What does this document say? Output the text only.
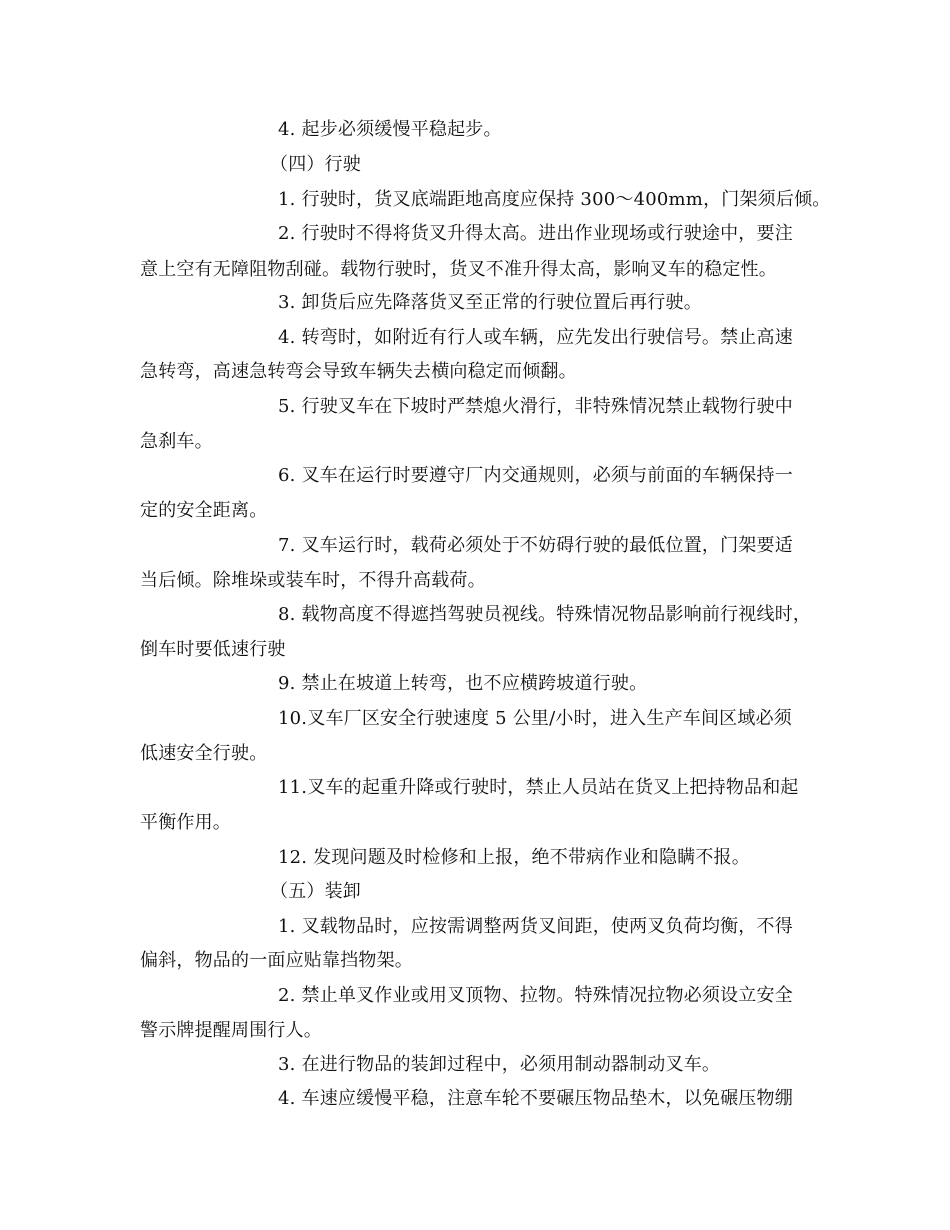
4. 起步必须缓慢平稳起步。
（四）行驶
1. 行驶时，货叉底端距地高度应保持 300～400mm，门架须后倾。
2. 行驶时不得将货叉升得太高。进出作业现场或行驶途中，要注
意上空有无障阻物刮碰。载物行驶时，货叉不准升得太高，影响叉车的稳定性。
3. 卸货后应先降落货叉至正常的行驶位置后再行驶。
4. 转弯时，如附近有行人或车辆，应先发出行驶信号。禁止高速
急转弯，高速急转弯会导致车辆失去横向稳定而倾翻。
5. 行驶叉车在下坡时严禁熄火滑行，非特殊情况禁止载物行驶中
急刹车。
6. 叉车在运行时要遵守厂内交通规则，必须与前面的车辆保持一
定的安全距离。
7. 叉车运行时，载荷必须处于不妨碍行驶的最低位置，门架要适
当后倾。除堆垛或装车时，不得升高载荷。
8. 载物高度不得遮挡驾驶员视线。特殊情况物品影响前行视线时，
倒车时要低速行驶
9. 禁止在坡道上转弯，也不应横跨坡道行驶。
10.叉车厂区安全行驶速度 5 公里/小时，进入生产车间区域必须
低速安全行驶。
11.叉车的起重升降或行驶时，禁止人员站在货叉上把持物品和起
平衡作用。
12. 发现问题及时检修和上报，绝不带病作业和隐瞒不报。
（五）装卸
1. 叉载物品时，应按需调整两货叉间距，使两叉负荷均衡，不得
偏斜，物品的一面应贴靠挡物架。
2. 禁止单叉作业或用叉顶物、拉物。特殊情况拉物必须设立安全
警示牌提醒周围行人。
3. 在进行物品的装卸过程中，必须用制动器制动叉车。
4. 车速应缓慢平稳，注意车轮不要碾压物品垫木，以免碾压物绷
